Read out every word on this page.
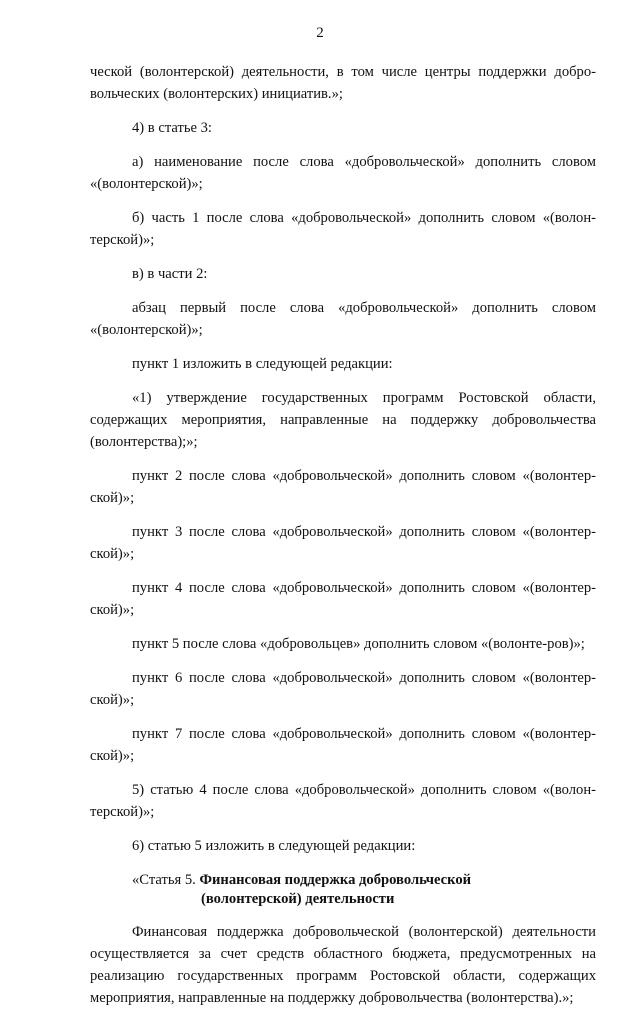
2

ческой (волонтерской) деятельности, в том числе центры поддержки добро-вольческих (волонтерских) инициатив.»;

4) в статье 3:

а) наименование после слова «добровольческой» дополнить словом «(волонтерской)»;

б) часть 1 после слова «добровольческой» дополнить словом «(волон-терской)»;

в) в части 2:

абзац первый после слова «добровольческой» дополнить словом «(волонтерской)»;

пункт 1 изложить в следующей редакции:

«1) утверждение государственных программ Ростовской области, содержащих мероприятия, направленные на поддержку добровольчества (волонтерства);»;

пункт 2 после слова «добровольческой» дополнить словом «(волонтер-ской)»;

пункт 3 после слова «добровольческой» дополнить словом «(волонтер-ской)»;

пункт 4 после слова «добровольческой» дополнить словом «(волонтер-ской)»;

пункт 5 после слова «добровольцев» дополнить словом «(волонте-ров)»;

пункт 6 после слова «добровольческой» дополнить словом «(волонтер-ской)»;

пункт 7 после слова «добровольческой» дополнить словом «(волонтер-ской)»;

5) статью 4 после слова «добровольческой» дополнить словом «(волон-терской)»;

6) статью 5 изложить в следующей редакции:

«Статья 5. Финансовая поддержка добровольческой
(волонтерской) деятельности

Финансовая поддержка добровольческой (волонтерской) деятельности осуществляется за счет средств областного бюджета, предусмотренных на реализацию государственных программ Ростовской области, содержащих мероприятия, направленные на поддержку добровольчества (волонтерства).»;
